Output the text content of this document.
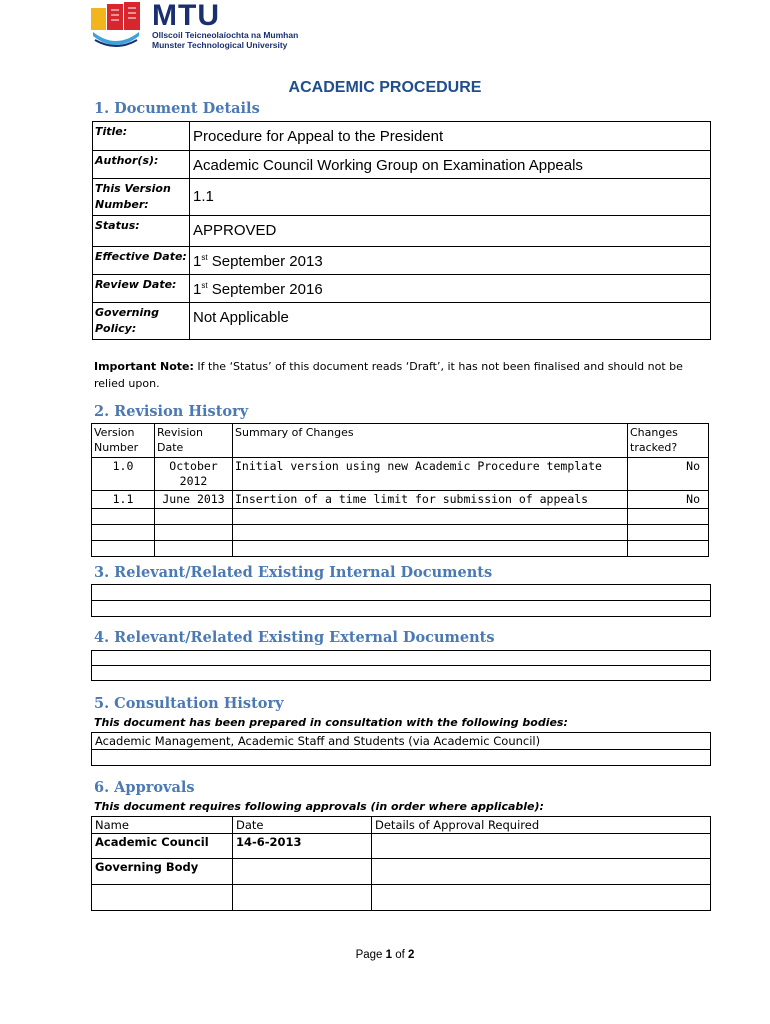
MTU
Ollscoil Teicneolaíochta na Mumhan
Munster Technological University
ACADEMIC PROCEDURE
1. Document Details
Title:	Procedure for Appeal to the President
Author(s):	Academic Council Working Group on Examination Appeals
This Version Number:	1.1
Status:	APPROVED
Effective Date:	1st September 2013
Review Date:	1st September 2016
Governing Policy:	Not Applicable
Important Note: If the ‘Status’ of this document reads ‘Draft’, it has not been finalised and should not be relied upon.
2. Revision History
Version Number	Revision Date	Summary of Changes	Changes tracked?
1.0	October 2012	Initial version using new Academic Procedure template	No
1.1	June 2013	Insertion of a time limit for submission of appeals	No

3. Relevant/Related Existing Internal Documents

4. Relevant/Related Existing External Documents

5. Consultation History
This document has been prepared in consultation with the following bodies:
Academic Management, Academic Staff and Students (via Academic Council)

6. Approvals
This document requires following approvals (in order where applicable):
Name	Date	Details of Approval Required
Academic Council	14-6-2013	
Governing Body		

Page 1 of 2
